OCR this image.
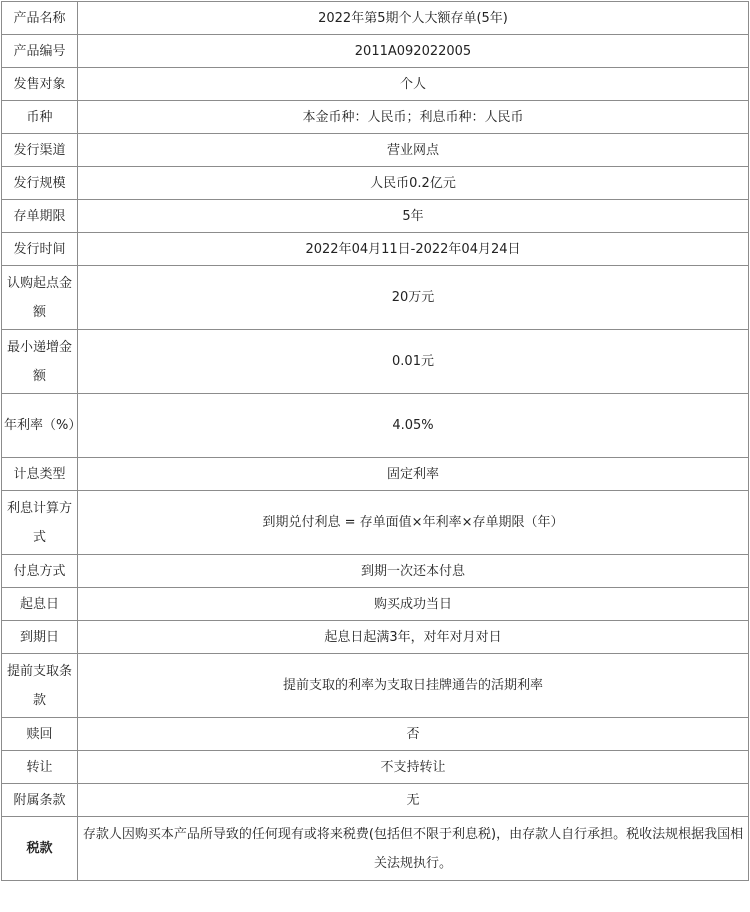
产品名称	2022年第5期个人大额存单(5年)
产品编号	2011A092022005
发售对象	个人
币种	本金币种：人民币；利息币种：人民币
发行渠道	营业网点
发行规模	人民币0.2亿元
存单期限	5年
发行时间	2022年04月11日-2022年04月24日
认购起点金额	20万元
最小递增金额	0.01元
年利率（%）	4.05%
计息类型	固定利率
利息计算方式	到期兑付利息 = 存单面值×年利率×存单期限（年）
付息方式	到期一次还本付息
起息日	购买成功当日
到期日	起息日起满3年，对年对月对日
提前支取条款	提前支取的利率为支取日挂牌通告的活期利率
赎回	否
转让	不支持转让
附属条款	无
税款	存款人因购买本产品所导致的任何现有或将来税费(包括但不限于利息税)，由存款人自行承担。税收法规根据我国相关法规执行。
